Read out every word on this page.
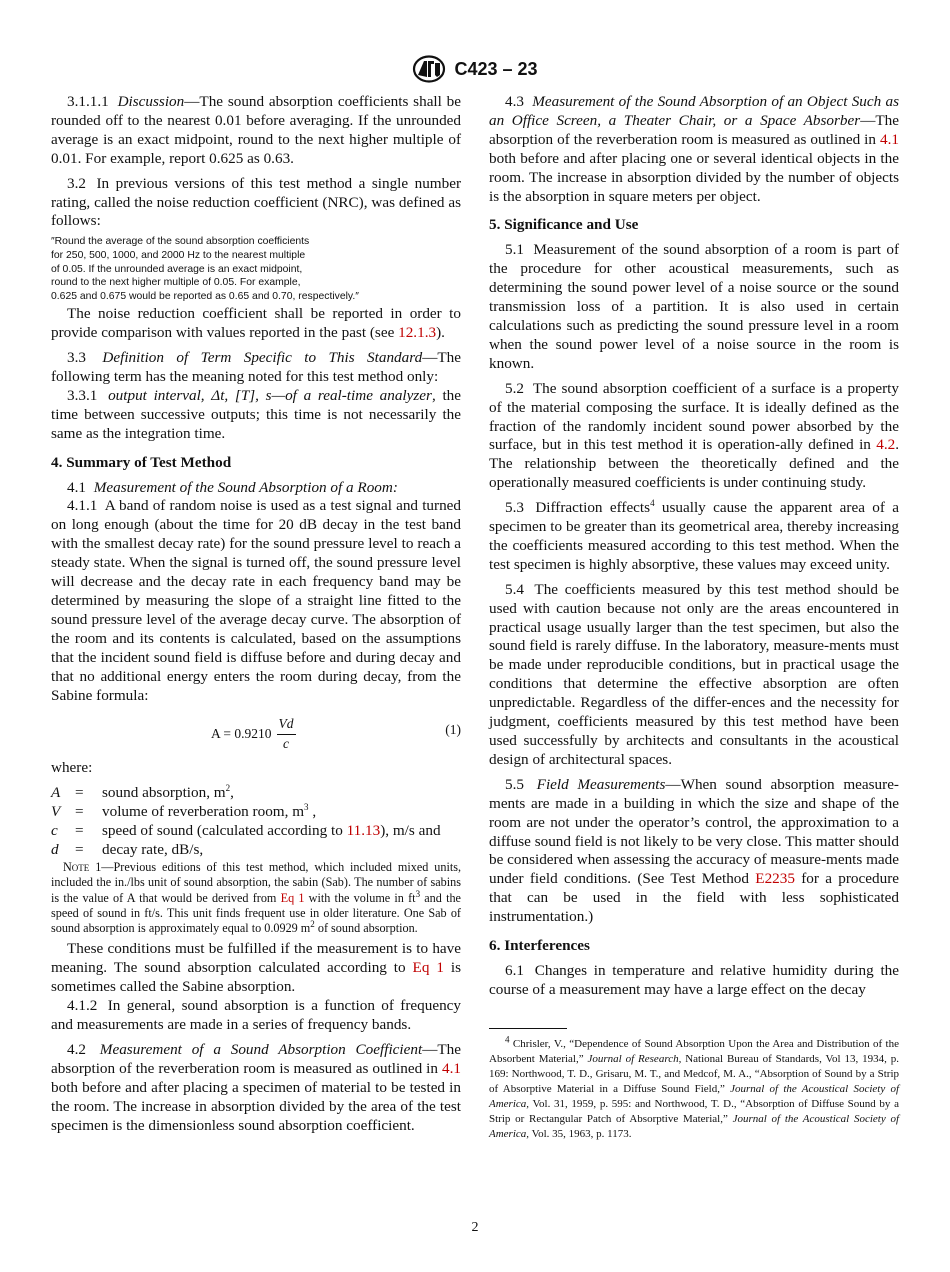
C423 – 23

3.1.1.1 Discussion—The sound absorption coefficients shall be rounded off to the nearest 0.01 before averaging. If the unrounded average is an exact midpoint, round to the next higher multiple of 0.01. For example, report 0.625 as 0.63.

3.2 In previous versions of this test method a single number rating, called the noise reduction coefficient (NRC), was defined as follows:

″Round the average of the sound absorption coefficients
for 250, 500, 1000, and 2000 Hz to the nearest multiple
of 0.05. If the unrounded average is an exact midpoint,
round to the next higher multiple of 0.05. For example,
0.625 and 0.675 would be reported as 0.65 and 0.70, respectively.″

The noise reduction coefficient shall be reported in order to provide comparison with values reported in the past (see 12.1.3).

3.3 Definition of Term Specific to This Standard—The following term has the meaning noted for this test method only:

3.3.1 output interval, Δt, [T], s—of a real-time analyzer, the time between successive outputs; this time is not necessarily the same as the integration time.

4. Summary of Test Method

4.1 Measurement of the Sound Absorption of a Room:

4.1.1 A band of random noise is used as a test signal and turned on long enough (about the time for 20 dB decay in the test band with the smallest decay rate) for the sound pressure level to reach a steady state. When the signal is turned off, the sound pressure level will decrease and the decay rate in each frequency band may be determined by measuring the slope of a straight line fitted to the sound pressure level of the average decay curve. The absorption of the room and its contents is calculated, based on the assumptions that the incident sound field is diffuse before and during decay and that no additional energy enters the room during decay, from the Sabine formula:

$A = 0.9210 \frac{Vd}{c}$	(1)
where:
A =	sound absorption, $m^2$,
V =	volume of reverberation room, $m^3$ ,
c	=	speed of sound (calculated according to 11.13), m/s and
d	=	decay rate, dB/s,
Note 1—Previous editions of this test method, which included mixed units, included the in./lbs unit of sound absorption, the sabin (Sab). The number of sabins is the value of A that would be derived from Eq 1 with the volume in $ft^3$ and the speed of sound in ft/s. This unit finds frequent use in older literature. One Sab of sound absorption is approximately equal to 0.0929 $m^2$ of sound absorption.

These conditions must be fulfilled if the measurement is to have meaning. The sound absorption calculated according to Eq 1 is sometimes called the Sabine absorption.

4.1.2 In general, sound absorption is a function of frequency and measurements are made in a series of frequency bands.

4.2 Measurement of a Sound Absorption Coefficient—The absorption of the reverberation room is measured as outlined in 4.1 both before and after placing a specimen of material to be tested in the room. The increase in absorption divided by the area of the test specimen is the dimensionless sound absorption coefficient.

4.3 Measurement of the Sound Absorption of an Object Such as an Office Screen, a Theater Chair, or a Space Absorber—The absorption of the reverberation room is measured as outlined in 4.1 both before and after placing one or several identical objects in the room. The increase in absorption divided by the number of objects is the absorption in square meters per object.

5. Significance and Use

5.1 Measurement of the sound absorption of a room is part of the procedure for other acoustical measurements, such as determining the sound power level of a noise source or the sound transmission loss of a partition. It is also used in certain calculations such as predicting the sound pressure level in a room when the sound power level of a noise source in the room is known.

5.2 The sound absorption coefficient of a surface is a property of the material composing the surface. It is ideally defined as the fraction of the randomly incident sound power absorbed by the surface, but in this test method it is operation-ally defined in 4.2. The relationship between the theoretically defined and the operationally measured coefficients is under continuing study.

5.3 Diffraction effects$^4$ usually cause the apparent area of a specimen to be greater than its geometrical area, thereby increasing the coefficients measured according to this test method. When the test specimen is highly absorptive, these values may exceed unity.

5.4 The coefficients measured by this test method should be used with caution because not only are the areas encountered in practical usage usually larger than the test specimen, but also the sound field is rarely diffuse. In the laboratory, measure-ments must be made under reproducible conditions, but in practical usage the conditions that determine the effective absorption are often unpredictable. Regardless of the differ-ences and the necessity for judgment, coefficients measured by this test method have been used successfully by architects and consultants in the acoustical design of architectural spaces.

5.5 Field Measurements—When sound absorption measure-ments are made in a building in which the size and shape of the room are not under the operator’s control, the approximation to a diffuse sound field is not likely to be very close. This matter should be considered when assessing the accuracy of measure-ments made under field conditions. (See Test Method E2235 for a procedure that can be used in the field with less sophisticated instrumentation.)

6. Interferences

6.1 Changes in temperature and relative humidity during the course of a measurement may have a large effect on the decay

$^4$ Chrisler, V., “Dependence of Sound Absorption Upon the Area and Distribution of the Absorbent Material,” Journal of Research, National Bureau of Standards, Vol 13, 1934, p. 169: Northwood, T. D., Grisaru, M. T., and Medcof, M. A., “Absorption of Sound by a Strip of Absorptive Material in a Diffuse Sound Field,” Journal of the Acoustical Society of America, Vol. 31, 1959, p. 595: and Northwood, T. D., “Absorption of Diffuse Sound by a Strip or Rectangular Patch of Absorptive Material,” Journal of the Acoustical Society of America, Vol. 35, 1963, p. 1173.
2
